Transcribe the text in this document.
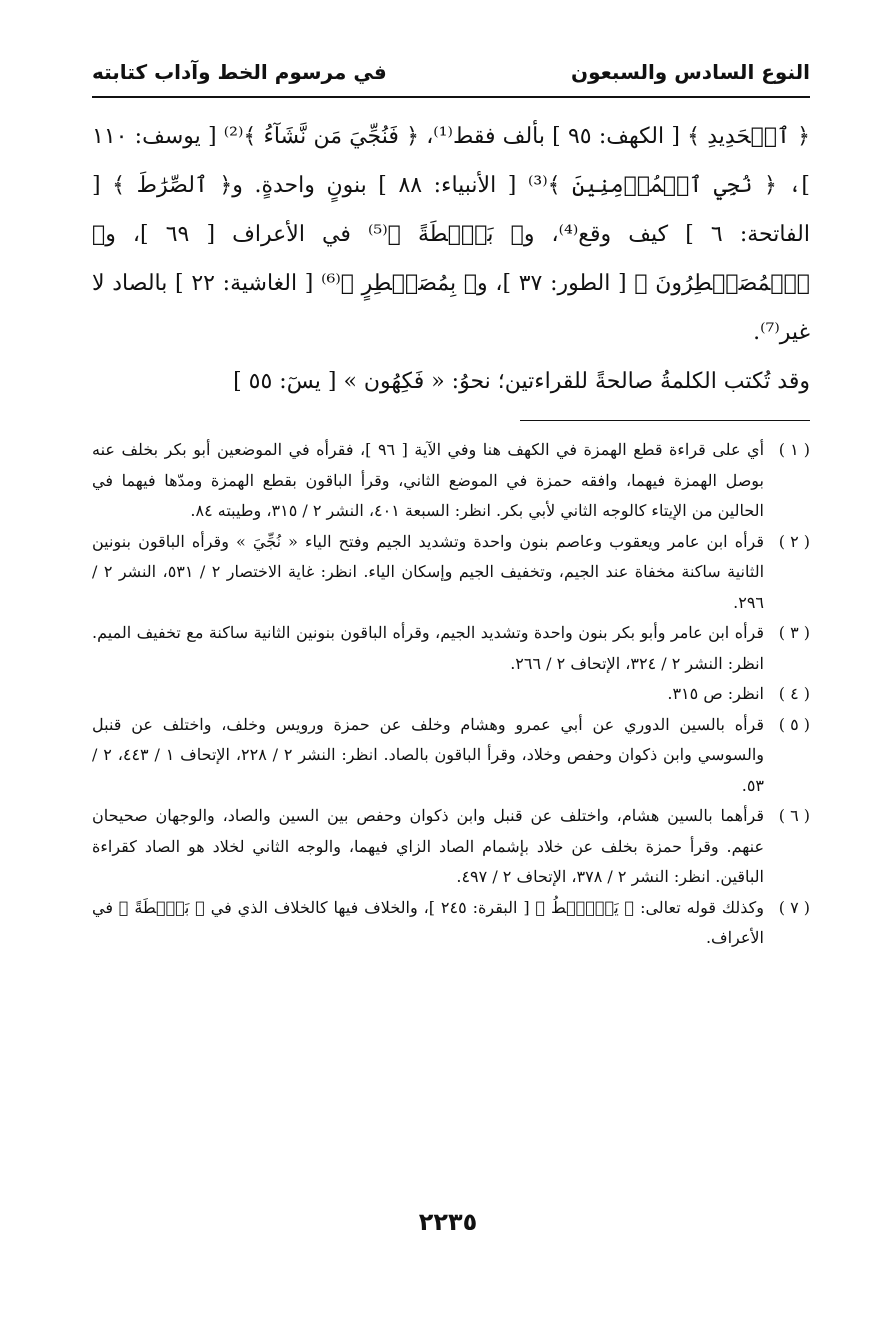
النوع السادس والسبعون
في مرسوم الخط وآداب كتابته

﴿ ٱلۡحَدِيدِ ﴾ [ الكهف: ٩٥ ] بألف فقط⁽¹⁾، ﴿ فَنُجِّيَ مَن نَّشَآءُ ﴾⁽²⁾ [ يوسف: ١١٠ ]، ﴿ نُجِي ٱلۡمُؤۡمِنِينَ ﴾⁽³⁾ [ الأنبياء: ٨٨ ] بنونٍ واحدةٍ. و﴿ ٱلصِّرَٰطَ ﴾ [ الفاتحة: ٦ ] كيف وقع⁽⁴⁾، و﴿ بَصۜۡطَةً ﴾⁽⁵⁾ في الأعراف [ ٦٩ ]، و﴿ ٱلۡمُصَيۡطِرُونَ ﴾ [ الطور: ٣٧ ]، و﴿ بِمُصَيۡطِرٍ ﴾⁽⁶⁾ [ الغاشية: ٢٢ ] بالصاد لا غير⁽⁷⁾.

وقد تُكتب الكلمةُ صالحةً للقراءتين؛ نحوُ: « فَكِهُون » [ يسٓ: ٥٥ ]

( ١ )
أي على قراءة قطع الهمزة في الكهف هنا وفي الآية [ ٩٦ ]، فقرأه في الموضعين أبو بكر بخلف عنه بوصل الهمزة فيهما، وافقه حمزة في الموضع الثاني، وقرأ الباقون بقطع الهمزة ومدّها فيهما في الحالين من الإيتاء كالوجه الثاني لأبي بكر. انظر: السبعة ٤٠١، النشر ٢ / ٣١٥، وطيبته ٨٤.
( ٢ )
قرأه ابن عامر ويعقوب وعاصم بنون واحدة وتشديد الجيم وفتح الياء « نُجِّيَ » وقرأه الباقون بنونين الثانية ساكنة مخفاة عند الجيم، وتخفيف الجيم وإسكان الياء. انظر: غاية الاختصار ٢ / ٥٣١، النشر ٢ / ٢٩٦.
( ٣ )
قرأه ابن عامر وأبو بكر بنون واحدة وتشديد الجيم، وقرأه الباقون بنونين الثانية ساكنة مع تخفيف الميم. انظر: النشر ٢ / ٣٢٤، الإتحاف ٢ / ٢٦٦.
( ٤ )
انظر: ص ٣١٥.
( ٥ )
قرأه بالسين الدوري عن أبي عمرو وهشام وخلف عن حمزة ورويس وخلف، واختلف عن قنبل والسوسي وابن ذكوان وحفص وخلاد، وقرأ الباقون بالصاد. انظر: النشر ٢ / ٢٢٨، الإتحاف ١ / ٤٤٣، ٢ / ٥٣.
( ٦ )
قرأهما بالسين هشام، واختلف عن قنبل وابن ذكوان وحفص بين السين والصاد، والوجهان صحيحان عنهم. وقرأ حمزة بخلف عن خلاد بإشمام الصاد الزاي فيهما، والوجه الثاني لخلاد هو الصاد كقراءة الباقين. انظر: النشر ٢ / ٣٧٨، الإتحاف ٢ / ٤٩٧.
( ٧ )
وكذلك قوله تعالى: ﴿ يَبۡصُۜطُ ﴾ [ البقرة: ٢٤٥ ]، والخلاف فيها كالخلاف الذي في ﴿ بَصۜۡطَةً ﴾ في الأعراف.
٢٢٣٥
